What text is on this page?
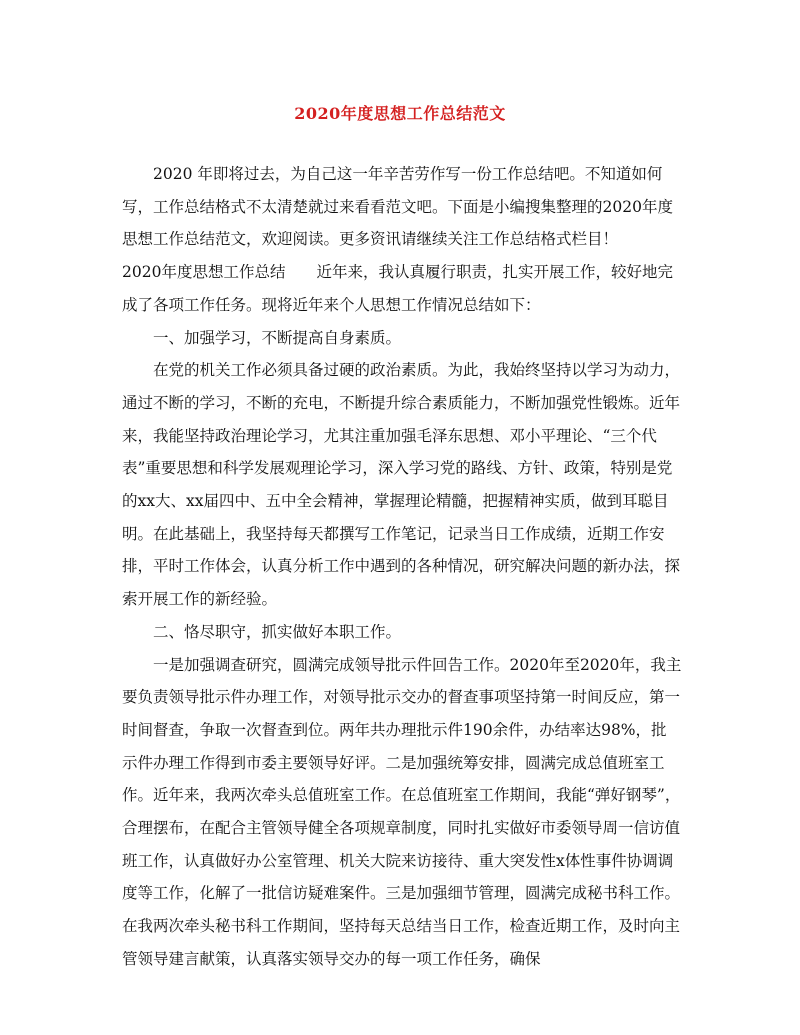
2020年度思想工作总结范文

2020 年即将过去，为自己这一年辛苦劳作写一份工作总结吧。不知道如何写，工作总结格式不太清楚就过来看看范文吧。下面是小编搜集整理的2020年度思想工作总结范文，欢迎阅读。更多资讯请继续关注工作总结格式栏目！

2020年度思想工作总结　　近年来，我认真履行职责，扎实开展工作，较好地完成了各项工作任务。现将近年来个人思想工作情况总结如下：

一、加强学习，不断提高自身素质。

在党的机关工作必须具备过硬的政治素质。为此，我始终坚持以学习为动力，通过不断的学习，不断的充电，不断提升综合素质能力，不断加强党性锻炼。近年来，我能坚持政治理论学习，尤其注重加强毛泽东思想、邓小平理论、“三个代表”重要思想和科学发展观理论学习，深入学习党的路线、方针、政策，特别是党的xx大、xx届四中、五中全会精神，掌握理论精髓，把握精神实质，做到耳聪目明。在此基础上，我坚持每天都撰写工作笔记，记录当日工作成绩，近期工作安排，平时工作体会，认真分析工作中遇到的各种情况，研究解决问题的新办法，探索开展工作的新经验。

二、恪尽职守，抓实做好本职工作。

一是加强调查研究，圆满完成领导批示件回告工作。2020年至2020年，我主要负责领导批示件办理工作，对领导批示交办的督查事项坚持第一时间反应，第一时间督查，争取一次督查到位。两年共办理批示件190余件，办结率达98%，批示件办理工作得到市委主要领导好评。二是加强统筹安排，圆满完成总值班室工作。近年来，我两次牵头总值班室工作。在总值班室工作期间，我能“弹好钢琴”，合理摆布，在配合主管领导健全各项规章制度，同时扎实做好市委领导周一信访值班工作，认真做好办公室管理、机关大院来访接待、重大突发性x体性事件协调调度等工作，化解了一批信访疑难案件。三是加强细节管理，圆满完成秘书科工作。在我两次牵头秘书科工作期间，坚持每天总结当日工作，检查近期工作，及时向主管领导建言献策，认真落实领导交办的每一项工作任务，确保
